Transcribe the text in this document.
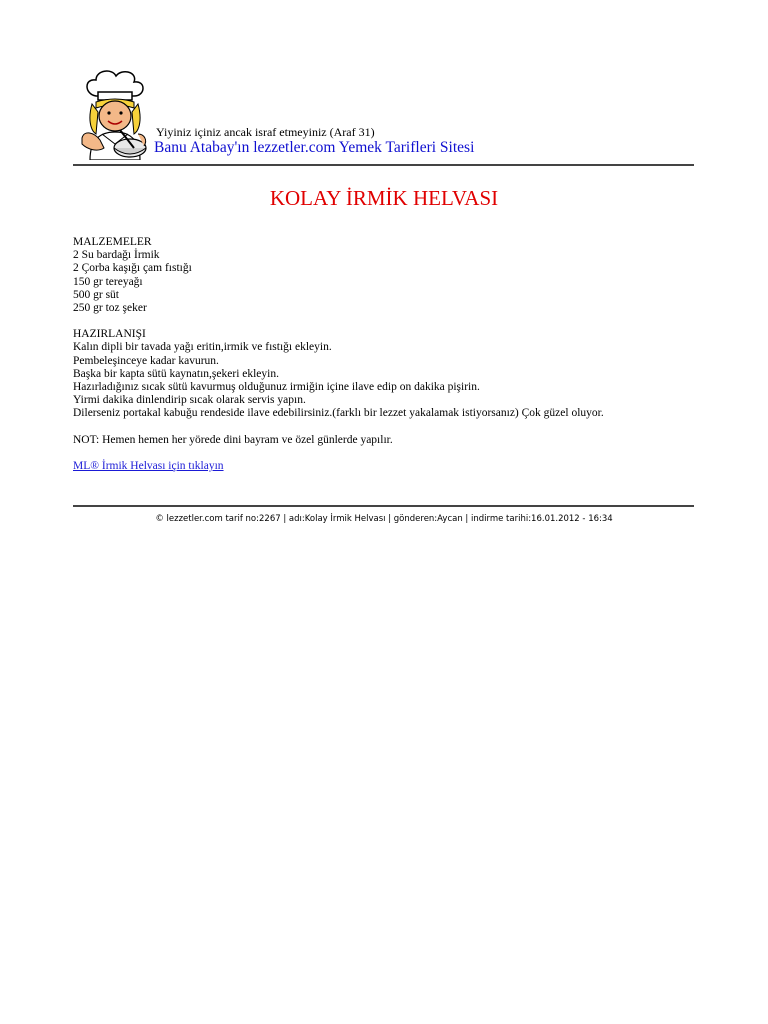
Yiyiniz içiniz ancak israf etmeyiniz (Araf 31)
Banu Atabay'ın lezzetler.com Yemek Tarifleri Sitesi
KOLAY İRMİK HELVASI
MALZEMELER
2 Su bardağı İrmik
2 Çorba kaşığı çam fıstığı
150 gr tereyağı
500 gr süt
250 gr toz şeker
HAZIRLANIŞI
Kalın dipli bir tavada yağı eritin,irmik ve fıstığı ekleyin.
Pembeleşinceye kadar kavurun.
Başka bir kapta sütü kaynatın,şekeri ekleyin.
Hazırladığınız sıcak sütü kavurmuş olduğunuz irmiğin içine ilave edip on dakika pişirin.
Yirmi dakika dinlendirip sıcak olarak servis yapın.
Dilerseniz portakal kabuğu rendeside ilave edebilirsiniz.(farklı bir lezzet yakalamak istiyorsanız) Çok güzel oluyor.
NOT: Hemen hemen her yörede dini bayram ve özel günlerde yapılır.
ML® İrmik Helvası için tıklayın
© lezzetler.com tarif no:2267 | adı:Kolay İrmik Helvası | gönderen:Aycan | indirme tarihi:16.01.2012 - 16:34
